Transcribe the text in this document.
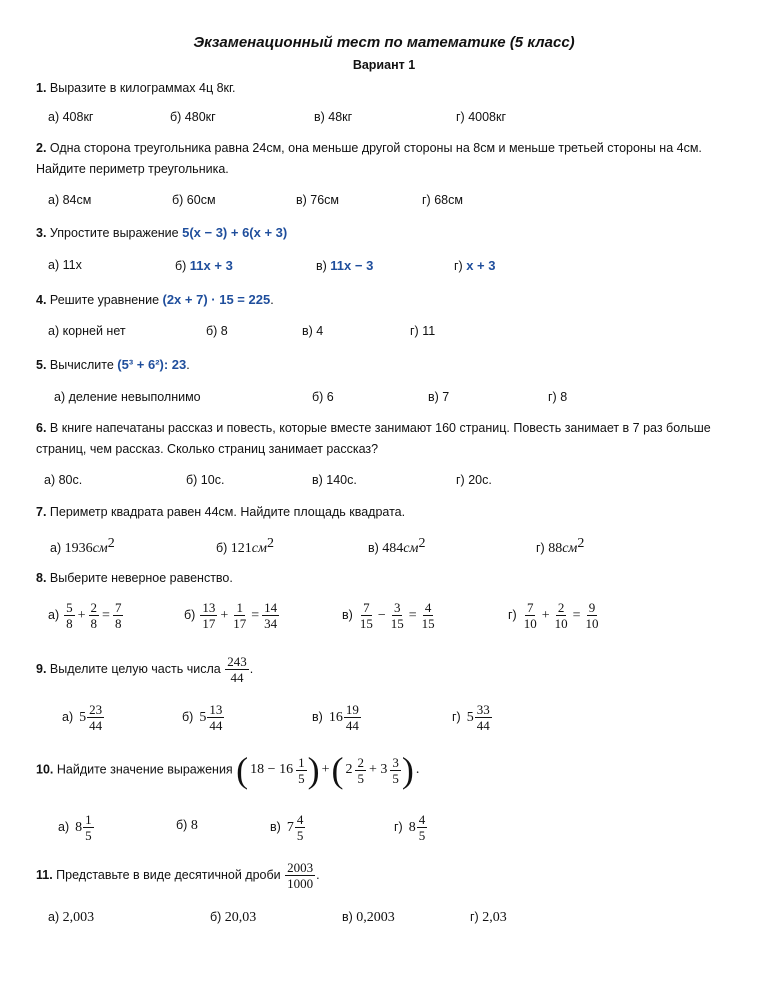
Экзаменационный тест по математике (5 класс)
Вариант 1
1. Выразите в килограммах 4ц 8кг.
а) 408кг	б) 480кг	в) 48кг	г) 4008кг
2. Одна сторона треугольника равна 24см, она меньше другой стороны на 8см и меньше третьей стороны на 4см. Найдите периметр треугольника.
а) 84см	б) 60см	в) 76см	г) 68см
3. Упростите выражение 5(x − 3) + 6(x + 3)
а) 11x	б) 11x + 3	в) 11x − 3	г) x + 3
4. Решите уравнение (2x + 7) · 15 = 225.
а) корней нет	б) 8	в) 4	г) 11
5. Вычислите (5³ + 6²): 23.
а) деление невыполнимо	б) 6	в) 7	г) 8
6. В книге напечатаны рассказ и повесть, которые вместе занимают 160 страниц. Повесть занимает в 7 раз больше страниц, чем рассказ. Сколько страниц занимает рассказ?
а) 80с.	б) 10с.	в) 140с.	г) 20с.
7. Периметр квадрата равен 44см. Найдите площадь квадрата.
а) $1936см^2$	б) $121см^2$	в) $484см^2$	г) $88см^2$
8. Выберите неверное равенство.
$а) \frac{5}{8} + \frac{2}{8} = \frac{7}{8}$	$б) \frac{13}{17} + \frac{1}{17} = \frac{14}{34}$	$в) \frac{7}{15} - \frac{3}{15} = \frac{4}{15}$	$г) \frac{7}{10} + \frac{2}{10} = \frac{9}{10}$
9. Выделите целую часть числа $\frac{243}{44}$ .
а) $5 \frac{23}{44}$	б) $5 \frac{13}{44}$	в) $16 \frac{19}{44}$	г) $5 \frac{33}{44}$
10. Найдите значение выражения ( $18 - 16 \frac{1}{5}$ ) +( $2 \frac{2}{5} + 3 \frac{3}{5}$ ) .
а) $8 \frac{1}{5}$	б) 8	в) $7 \frac{4}{5}$	г) $8 \frac{4}{5}$
11. Представьте в виде десятичной дроби $\frac{2003}{1000}$ .
а) 2,003	б) 20,03	в) 0,2003	г) 2,03
